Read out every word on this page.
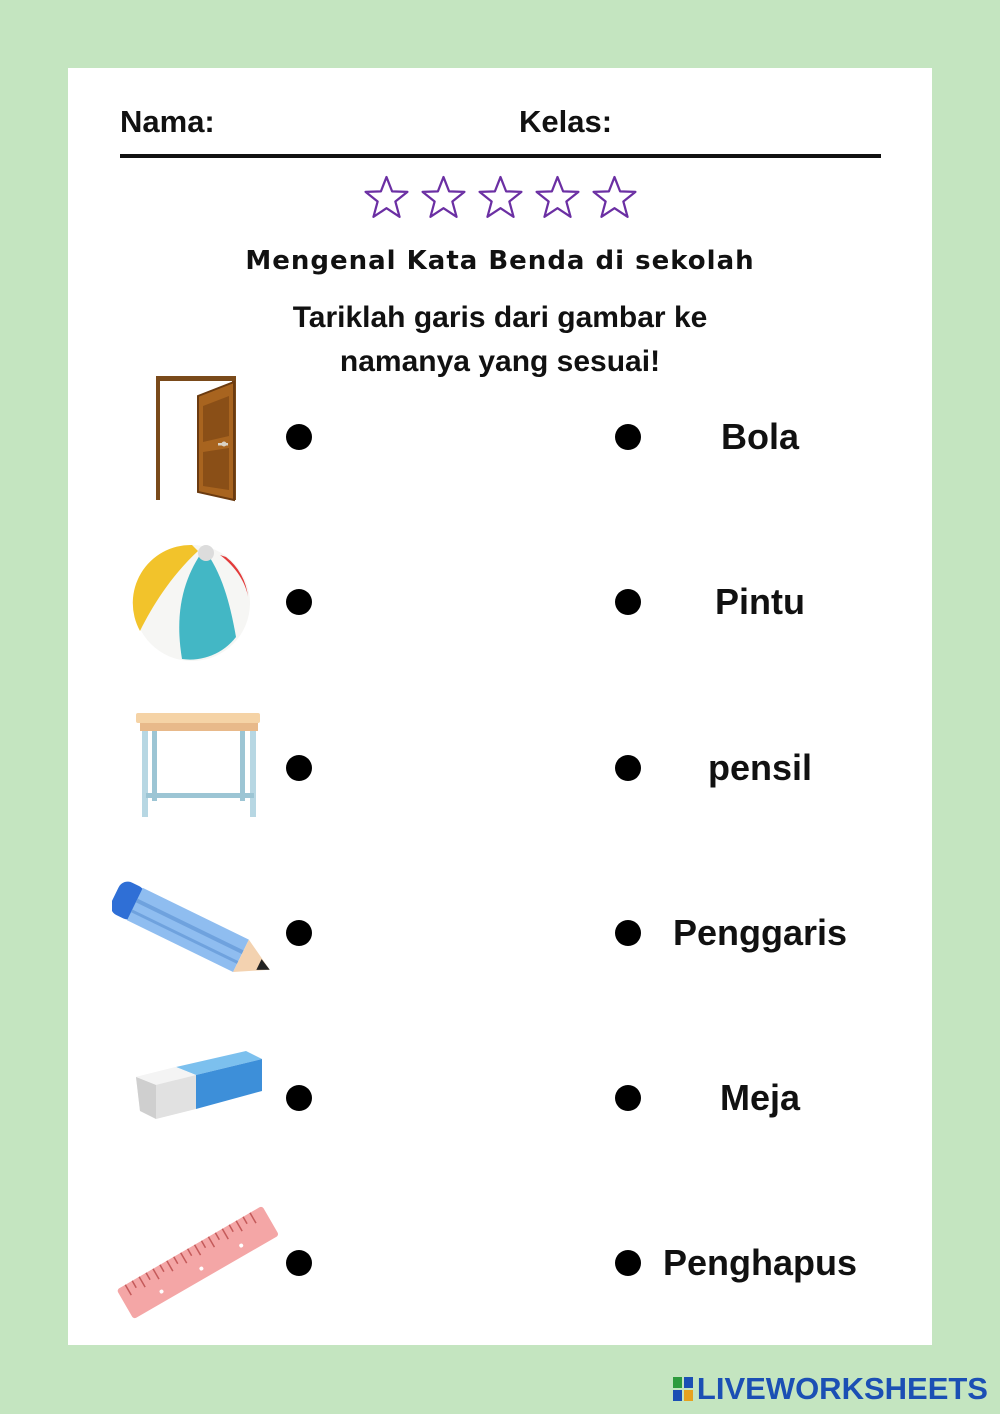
Nama:	Kelas:
Mengenal Kata Benda di sekolah
Tariklah garis dari gambar ke
namanya yang sesuai!
Bola
Pintu
pensil
Penggaris
Meja
Penghapus
LIVEWORKSHEETS
